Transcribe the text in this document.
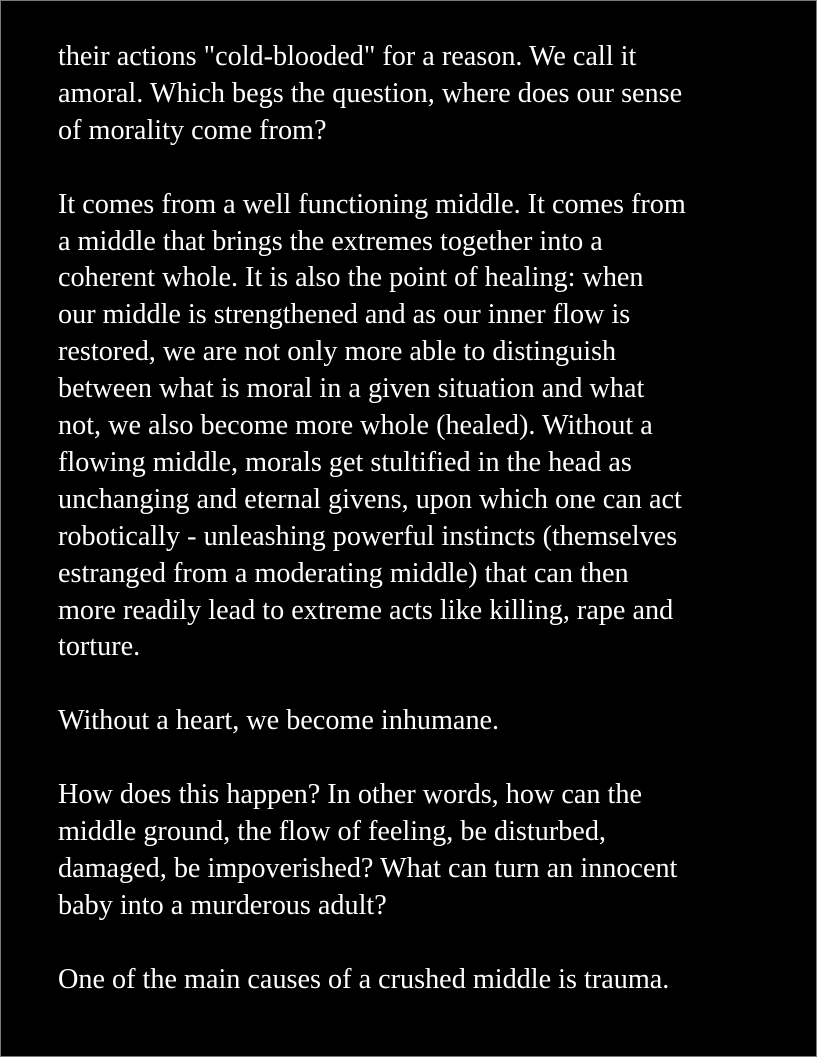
their actions "cold-blooded" for a reason. We call it
amoral. Which begs the question, where does our sense
of morality come from?

It comes from a well functioning middle. It comes from
a middle that brings the extremes together into a
coherent whole. It is also the point of healing: when
our middle is strengthened and as our inner flow is
restored, we are not only more able to distinguish
between what is moral in a given situation and what
not, we also become more whole (healed). Without a
flowing middle, morals get stultified in the head as
unchanging and eternal givens, upon which one can act
robotically - unleashing powerful instincts (themselves
estranged from a moderating middle) that can then
more readily lead to extreme acts like killing, rape and
torture.

Without a heart, we become inhumane.

How does this happen? In other words, how can the
middle ground, the flow of feeling, be disturbed,
damaged, be impoverished? What can turn an innocent
baby into a murderous adult?

One of the main causes of a crushed middle is trauma.
